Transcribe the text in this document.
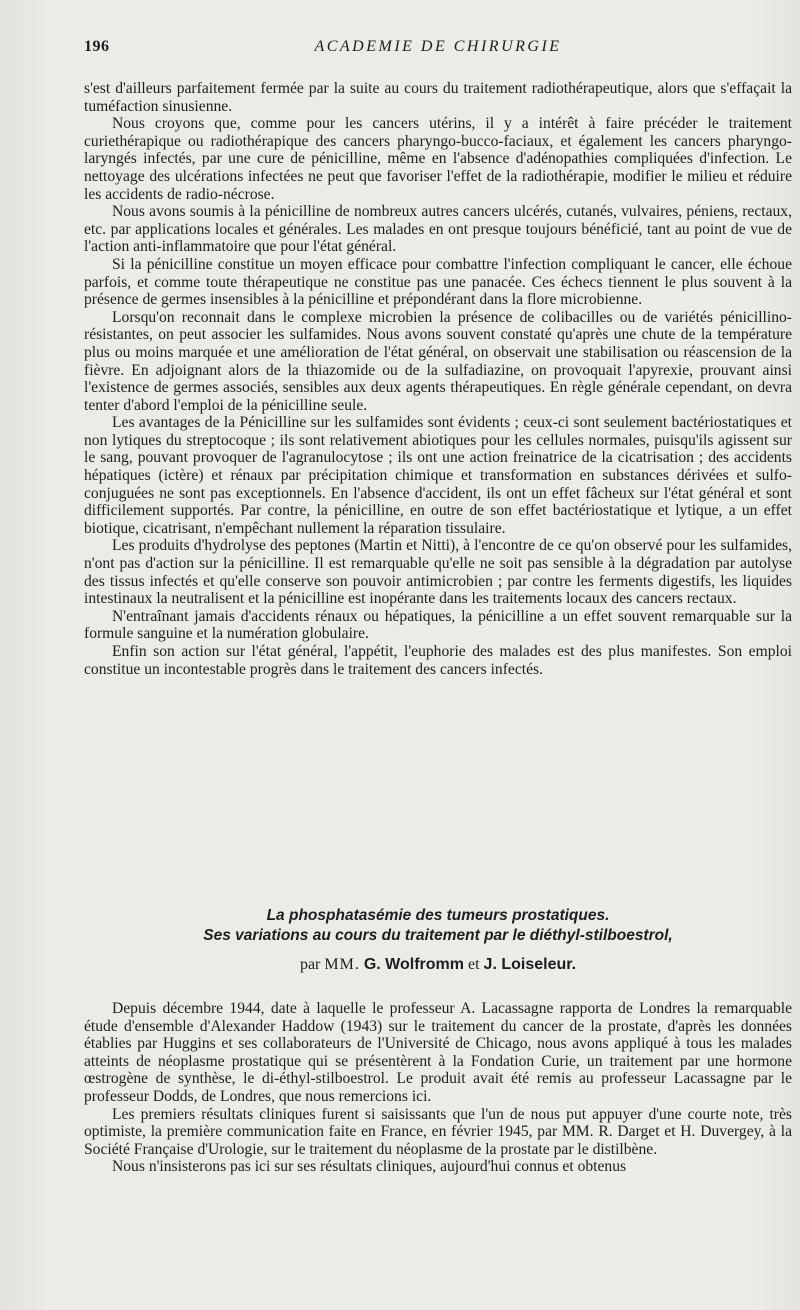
196	ACADEMIE DE CHIRURGIE

s'est d'ailleurs parfaitement fermée par la suite au cours du traitement radiothérapeutique, alors que s'effaçait la tuméfaction sinusienne.

Nous croyons que, comme pour les cancers utérins, il y a intérêt à faire précéder le traitement curiethérapique ou radiothérapique des cancers pharyngo-bucco-faciaux, et également les cancers pharyngo-laryngés infectés, par une cure de pénicilline, même en l'absence d'adénopathies compliquées d'infection. Le nettoyage des ulcérations infectées ne peut que favoriser l'effet de la radiothérapie, modifier le milieu et réduire les accidents de radio-nécrose.

Nous avons soumis à la pénicilline de nombreux autres cancers ulcérés, cutanés, vulvaires, péniens, rectaux, etc. par applications locales et générales. Les malades en ont presque toujours bénéficié, tant au point de vue de l'action anti-inflammatoire que pour l'état général.

Si la pénicilline constitue un moyen efficace pour combattre l'infection compliquant le cancer, elle échoue parfois, et comme toute thérapeutique ne constitue pas une panacée. Ces échecs tiennent le plus souvent à la présence de germes insensibles à la pénicilline et prépondérant dans la flore microbienne.

Lorsqu'on reconnait dans le complexe microbien la présence de colibacilles ou de variétés pénicillino-résistantes, on peut associer les sulfamides. Nous avons souvent constaté qu'après une chute de la température plus ou moins marquée et une amélioration de l'état général, on observait une stabilisation ou réascension de la fièvre. En adjoignant alors de la thiazomide ou de la sulfadiazine, on provoquait l'apyrexie, prouvant ainsi l'existence de germes associés, sensibles aux deux agents thérapeutiques. En règle générale cependant, on devra tenter d'abord l'emploi de la pénicilline seule.

Les avantages de la Pénicilline sur les sulfamides sont évidents ; ceux-ci sont seulement bactériostatiques et non lytiques du streptocoque ; ils sont relativement abiotiques pour les cellules normales, puisqu'ils agissent sur le sang, pouvant provoquer de l'agranulocytose ; ils ont une action freinatrice de la cicatrisation ; des accidents hépatiques (ictère) et rénaux par précipitation chimique et transformation en substances dérivées et sulfo-conjuguées ne sont pas exceptionnels. En l'absence d'accident, ils ont un effet fâcheux sur l'état général et sont difficilement supportés. Par contre, la pénicilline, en outre de son effet bactériostatique et lytique, a un effet biotique, cicatrisant, n'empêchant nullement la réparation tissulaire.

Les produits d'hydrolyse des peptones (Martin et Nitti), à l'encontre de ce qu'on observé pour les sulfamides, n'ont pas d'action sur la pénicilline. Il est remarquable qu'elle ne soit pas sensible à la dégradation par autolyse des tissus infectés et qu'elle conserve son pouvoir antimicrobien ; par contre les ferments digestifs, les liquides intestinaux la neutralisent et la pénicilline est inopérante dans les traitements locaux des cancers rectaux.

N'entraînant jamais d'accidents rénaux ou hépatiques, la pénicilline a un effet souvent remarquable sur la formule sanguine et la numération globulaire.

Enfin son action sur l'état général, l'appétit, l'euphorie des malades est des plus manifestes. Son emploi constitue un incontestable progrès dans le traitement des cancers infectés.

La phosphatasémie des tumeurs prostatiques.
Ses variations au cours du traitement par le diéthyl-stilboestrol,
par MM. G. Wolfromm et J. Loiseleur.

Depuis décembre 1944, date à laquelle le professeur A. Lacassagne rapporta de Londres la remarquable étude d'ensemble d'Alexander Haddow (1943) sur le traitement du cancer de la prostate, d'après les données établies par Huggins et ses collaborateurs de l'Université de Chicago, nous avons appliqué à tous les malades atteints de néoplasme prostatique qui se présentèrent à la Fondation Curie, un traitement par une hormone œstrogène de synthèse, le di-éthyl-stilboestrol. Le produit avait été remis au professeur Lacassagne par le professeur Dodds, de Londres, que nous remercions ici.

Les premiers résultats cliniques furent si saisissants que l'un de nous put appuyer d'une courte note, très optimiste, la première communication faite en France, en février 1945, par MM. R. Darget et H. Duvergey, à la Société Française d'Urologie, sur le traitement du néoplasme de la prostate par le distilbène.

Nous n'insisterons pas ici sur ses résultats cliniques, aujourd'hui connus et obtenus
